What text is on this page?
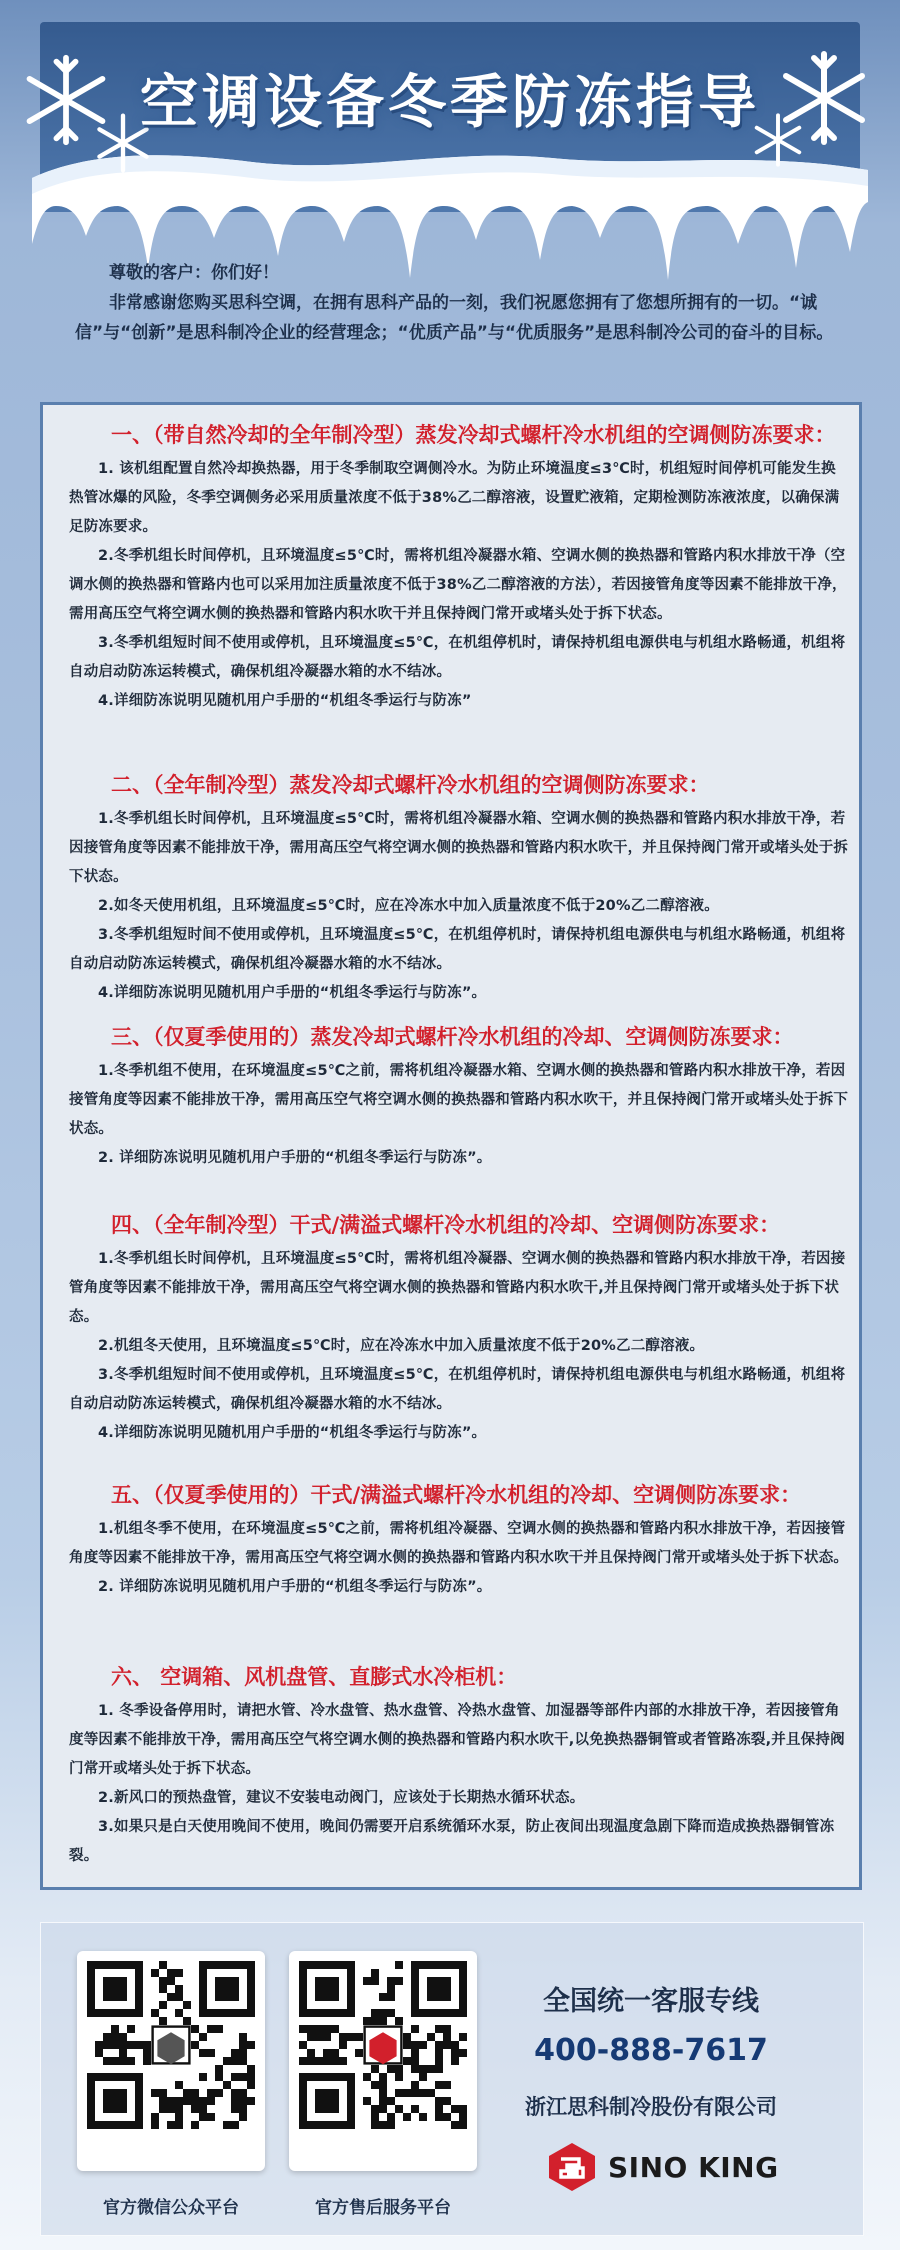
空调设备冬季防冻指导

尊敬的客户：你们好！

非常感谢您购买思科空调，在拥有思科产品的一刻，我们祝愿您拥有了您想所拥有的一切。“诚信”与“创新”是思科制冷企业的经营理念；“优质产品”与“优质服务”是思科制冷公司的奋斗的目标。

一、（带自然冷却的全年制冷型）蒸发冷却式螺杆冷水机组的空调侧防冻要求：

1. 该机组配置自然冷却换热器，用于冬季制取空调侧冷水。为防止环境温度≤3℃时，机组短时间停机可能发生换热管冰爆的风险，冬季空调侧务必采用质量浓度不低于38%乙二醇溶液，设置贮液箱，定期检测防冻液浓度，以确保满足防冻要求。

2.冬季机组长时间停机，且环境温度≤5℃时，需将机组冷凝器水箱、空调水侧的换热器和管路内积水排放干净（空调水侧的换热器和管路内也可以采用加注质量浓度不低于38%乙二醇溶液的方法），若因接管角度等因素不能排放干净，需用高压空气将空调水侧的换热器和管路内积水吹干并且保持阀门常开或堵头处于拆下状态。

3.冬季机组短时间不使用或停机，且环境温度≤5℃，在机组停机时，请保持机组电源供电与机组水路畅通，机组将自动启动防冻运转模式，确保机组冷凝器水箱的水不结冰。

4.详细防冻说明见随机用户手册的“机组冬季运行与防冻”

二、（全年制冷型）蒸发冷却式螺杆冷水机组的空调侧防冻要求：

1.冬季机组长时间停机，且环境温度≤5℃时，需将机组冷凝器水箱、空调水侧的换热器和管路内积水排放干净，若因接管角度等因素不能排放干净，需用高压空气将空调水侧的换热器和管路内积水吹干，并且保持阀门常开或堵头处于拆下状态。

2.如冬天使用机组，且环境温度≤5℃时，应在冷冻水中加入质量浓度不低于20%乙二醇溶液。

3.冬季机组短时间不使用或停机，且环境温度≤5℃，在机组停机时，请保持机组电源供电与机组水路畅通，机组将自动启动防冻运转模式，确保机组冷凝器水箱的水不结冰。

4.详细防冻说明见随机用户手册的“机组冬季运行与防冻”。

三、（仅夏季使用的）蒸发冷却式螺杆冷水机组的冷却、空调侧防冻要求：

1.冬季机组不使用，在环境温度≤5℃之前，需将机组冷凝器水箱、空调水侧的换热器和管路内积水排放干净，若因接管角度等因素不能排放干净，需用高压空气将空调水侧的换热器和管路内积水吹干，并且保持阀门常开或堵头处于拆下状态。

2. 详细防冻说明见随机用户手册的“机组冬季运行与防冻”。

四、（全年制冷型）干式/满溢式螺杆冷水机组的冷却、空调侧防冻要求：

1.冬季机组长时间停机，且环境温度≤5℃时，需将机组冷凝器、空调水侧的换热器和管路内积水排放干净，若因接管角度等因素不能排放干净，需用高压空气将空调水侧的换热器和管路内积水吹干,并且保持阀门常开或堵头处于拆下状态。

2.机组冬天使用，且环境温度≤5℃时，应在冷冻水中加入质量浓度不低于20%乙二醇溶液。

3.冬季机组短时间不使用或停机，且环境温度≤5℃，在机组停机时，请保持机组电源供电与机组水路畅通，机组将自动启动防冻运转模式，确保机组冷凝器水箱的水不结冰。

4.详细防冻说明见随机用户手册的“机组冬季运行与防冻”。

五、（仅夏季使用的）干式/满溢式螺杆冷水机组的冷却、空调侧防冻要求：

1.机组冬季不使用，在环境温度≤5℃之前，需将机组冷凝器、空调水侧的换热器和管路内积水排放干净，若因接管角度等因素不能排放干净，需用高压空气将空调水侧的换热器和管路内积水吹干并且保持阀门常开或堵头处于拆下状态。

2. 详细防冻说明见随机用户手册的“机组冬季运行与防冻”。

六、 空调箱、风机盘管、直膨式水冷柜机：

1. 冬季设备停用时，请把水管、冷水盘管、热水盘管、冷热水盘管、加湿器等部件内部的水排放干净，若因接管角度等因素不能排放干净，需用高压空气将空调水侧的换热器和管路内积水吹干,以免换热器铜管或者管路冻裂,并且保持阀门常开或堵头处于拆下状态。

2.新风口的预热盘管，建议不安装电动阀门，应该处于长期热水循环状态。

3.如果只是白天使用晚间不使用，晚间仍需要开启系统循环水泵，防止夜间出现温度急剧下降而造成换热器铜管冻裂。

官方微信公众平台	官方售后服务平台
全国统一客服专线
400-888-7617
浙江思科制冷股份有限公司
SINO KING
